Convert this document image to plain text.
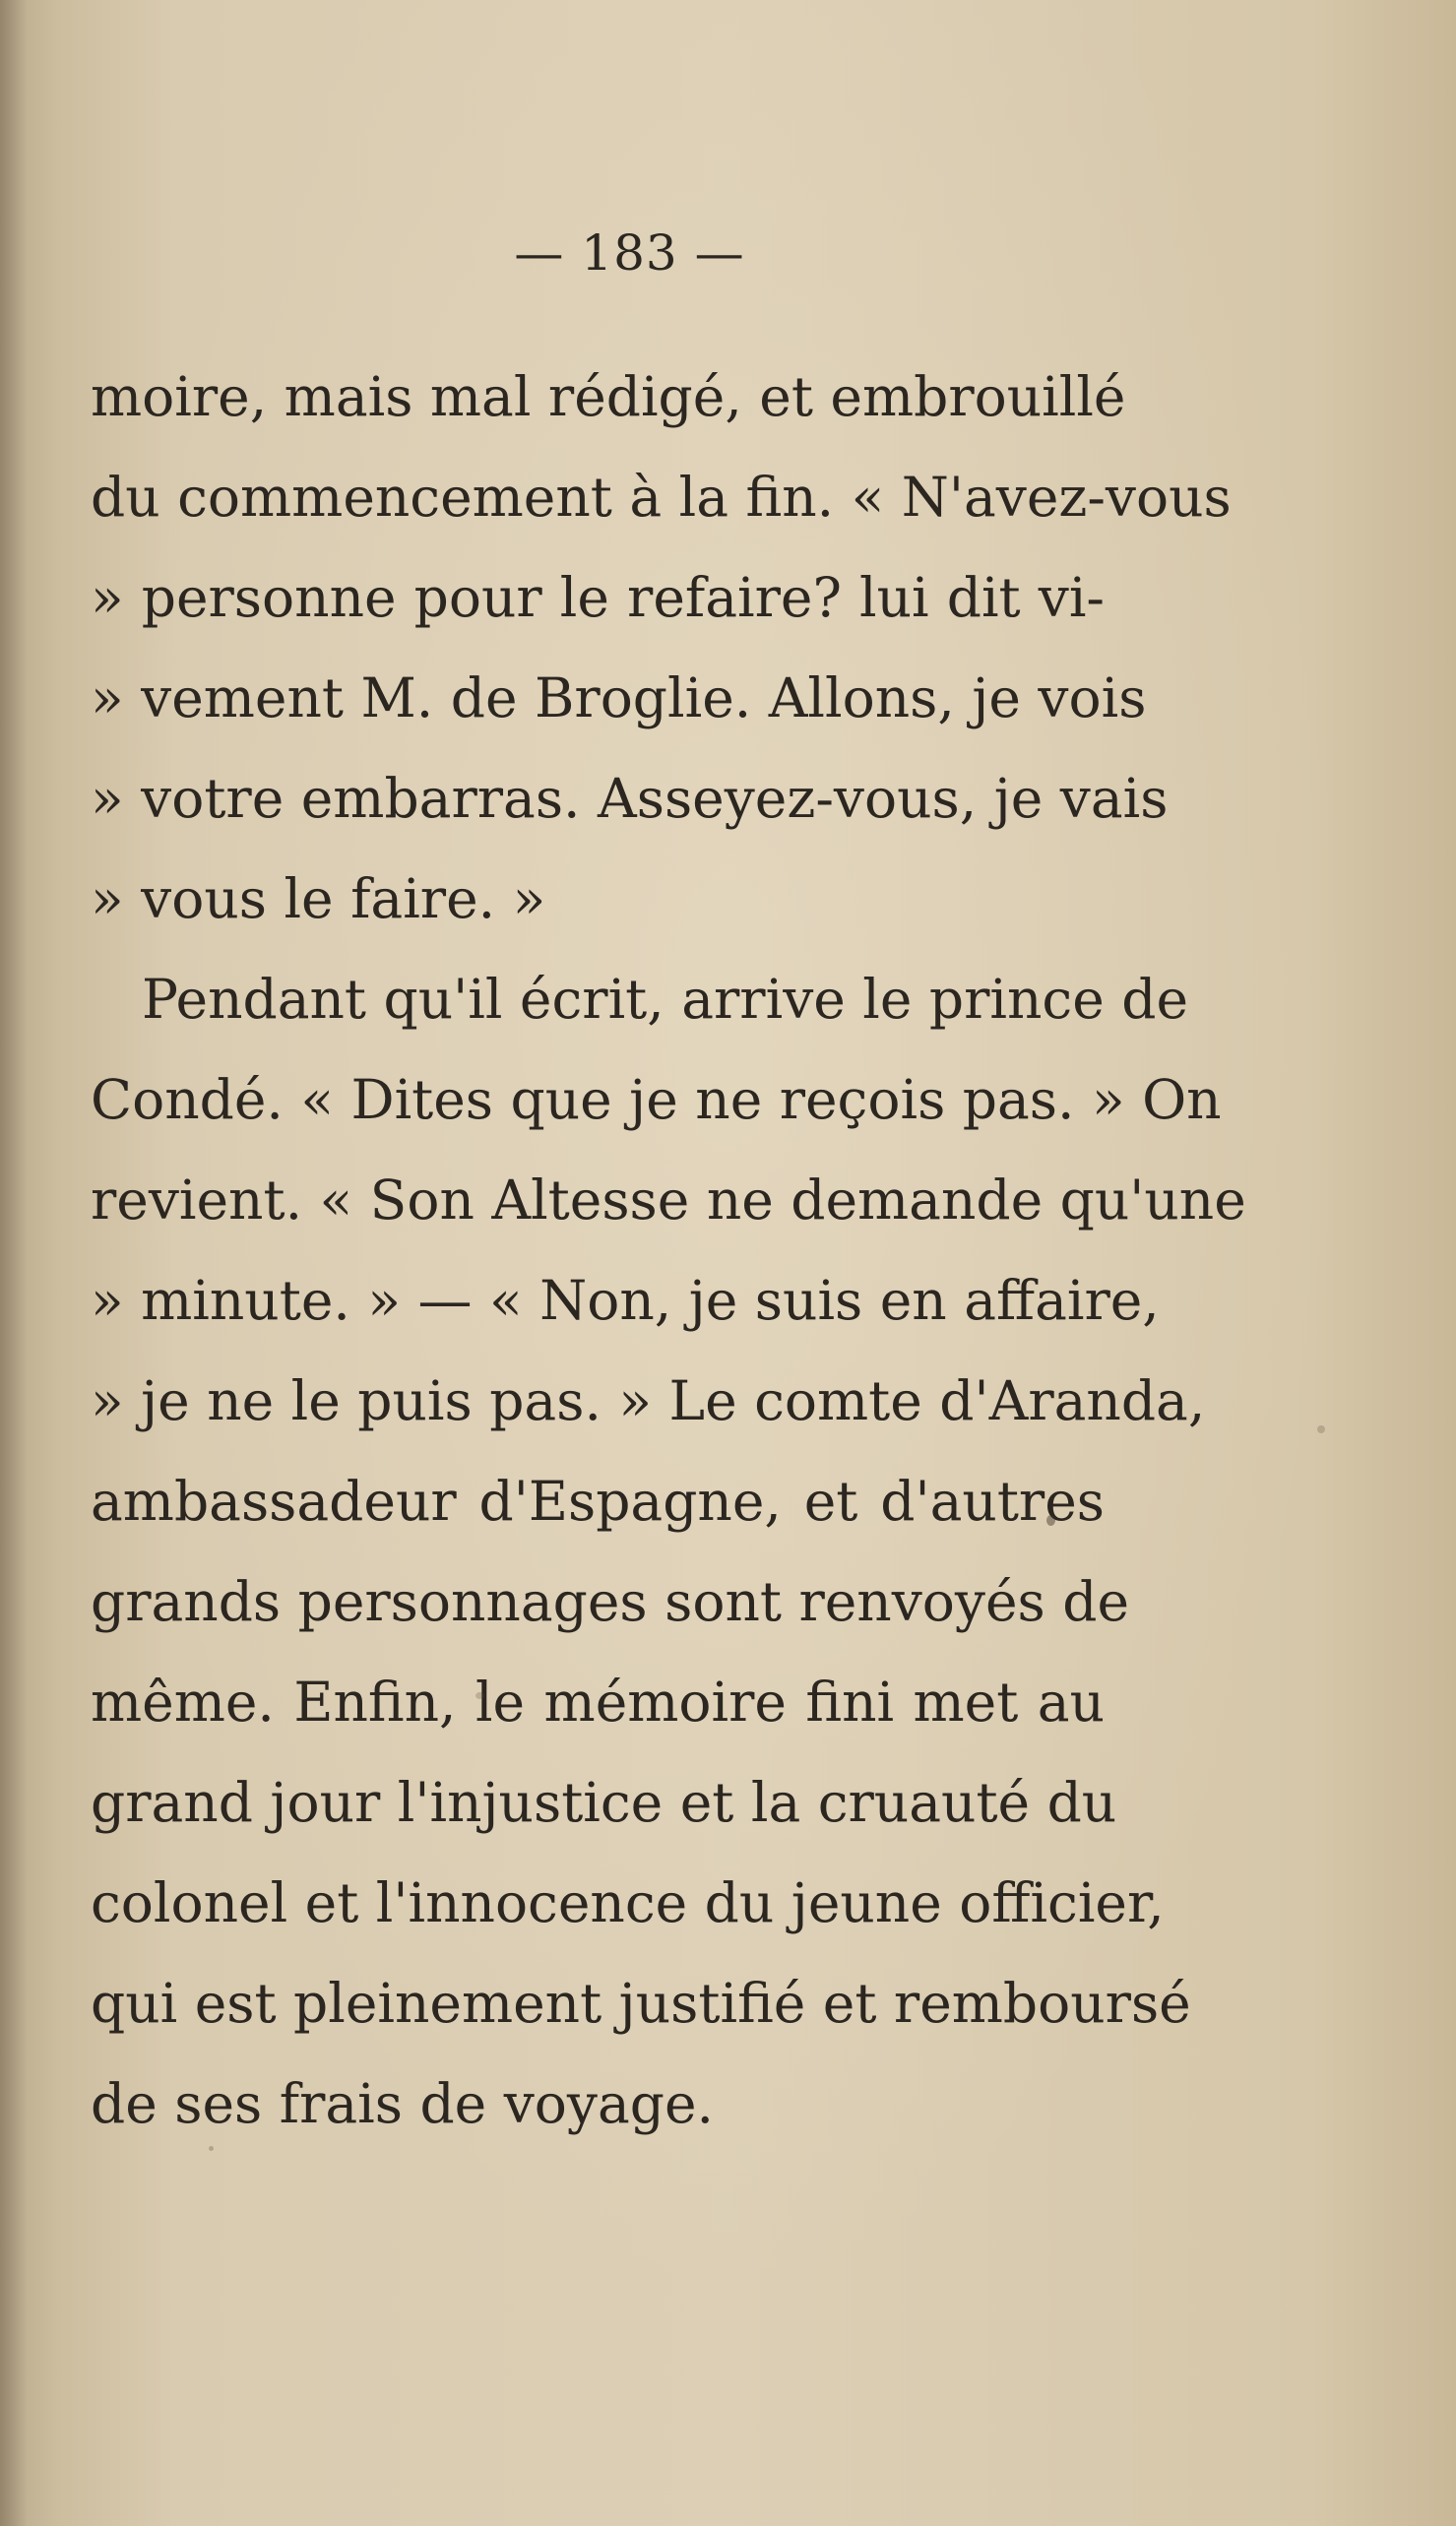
— 183 —
moire, mais mal rédigé, et embrouillé
du commencement à la fin. « N'avez-vous
» personne pour le refaire? lui dit vi-
» vement M. de Broglie. Allons, je vois
» votre embarras. Asseyez-vous, je vais
» vous le faire. »
Pendant qu'il écrit, arrive le prince de
Condé. « Dites que je ne reçois pas. » On
revient. « Son Altesse ne demande qu'une
» minute. » — « Non, je suis en affaire,
» je ne le puis pas. » Le comte d'Aranda,
ambassadeur d'Espagne, et d'autres
grands personnages sont renvoyés de
même. Enfin, le mémoire fini met au
grand jour l'injustice et la cruauté du
colonel et l'innocence du jeune officier,
qui est pleinement justifié et remboursé
de ses frais de voyage.
